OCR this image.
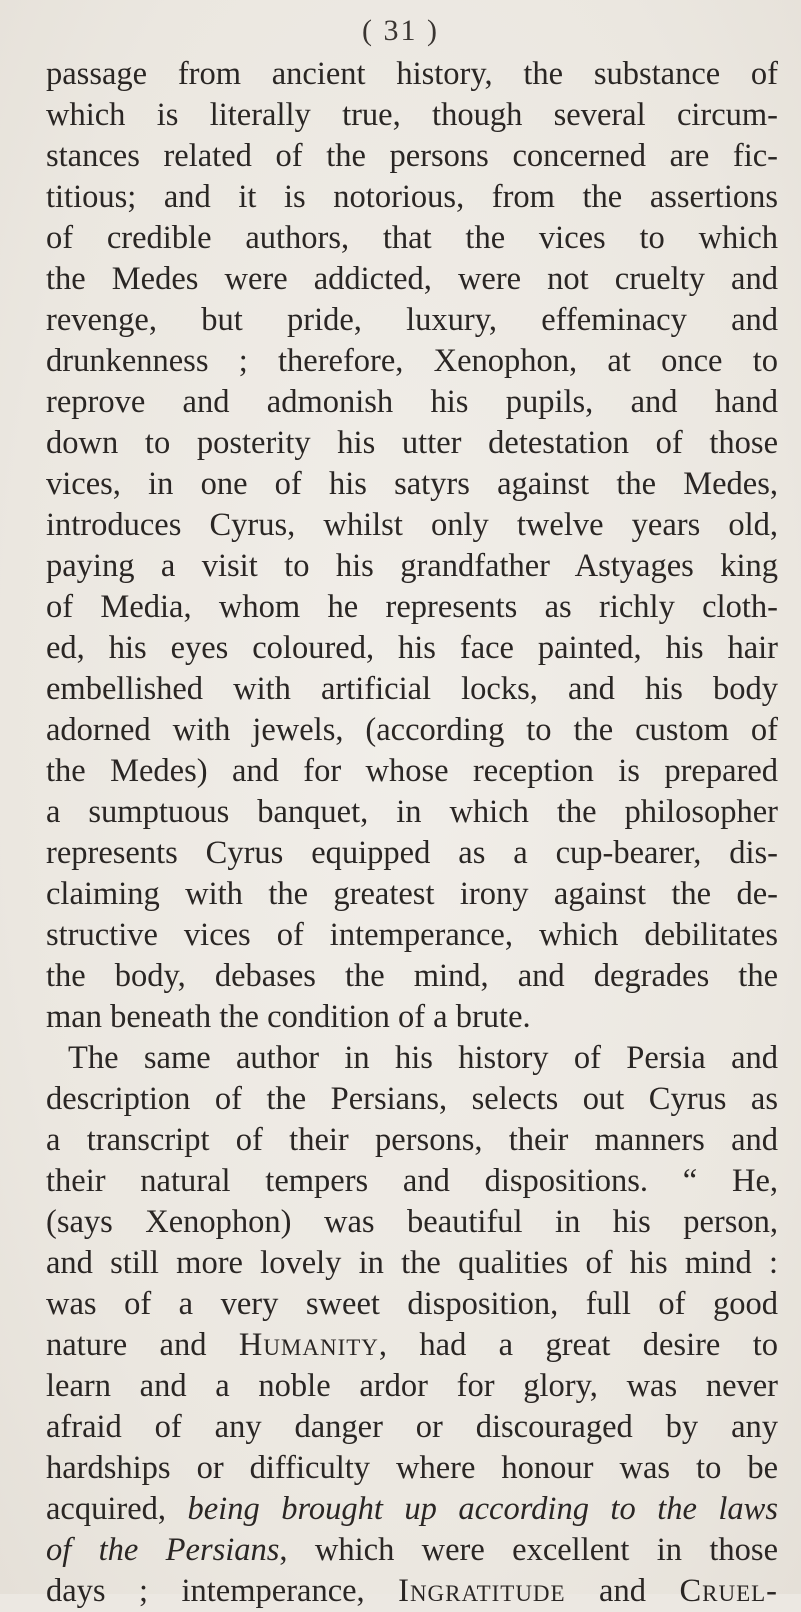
( 31 )
passage from ancient history, the substance of
which is literally true, though several circum-
stances related of the persons concerned are fic-
titious; and it is notorious, from the assertions
of credible authors, that the vices to which
the Medes were addicted, were not cruelty and
revenge, but pride, luxury, effeminacy and
drunkenness ; therefore, Xenophon, at once to
reprove and admonish his pupils, and hand
down to posterity his utter detestation of those
vices, in one of his satyrs against the Medes,
introduces Cyrus, whilst only twelve years old,
paying a visit to his grandfather Astyages king
of Media, whom he represents as richly cloth-
ed, his eyes coloured, his face painted, his hair
embellished with artificial locks, and his body
adorned with jewels, (according to the custom of
the Medes) and for whose reception is prepared
a sumptuous banquet, in which the philosopher
represents Cyrus equipped as a cup-bearer, dis-
claiming with the greatest irony against the de-
structive vices of intemperance, which debilitates
the body, debases the mind, and degrades the
man beneath the condition of a brute.
The same author in his history of Persia and
description of the Persians, selects out Cyrus as
a transcript of their persons, their manners and
their natural tempers and dispositions. “ He,
(says Xenophon) was beautiful in his person,
and still more lovely in the qualities of his mind :
was of a very sweet disposition, full of good
nature and Humanity, had a great desire to
learn and a noble ardor for glory, was never
afraid of any danger or discouraged by any
hardships or difficulty where honour was to be
acquired, being brought up according to the laws
of the Persians, which were excellent in those
days ; intemperance, Ingratitude and Cruel-
